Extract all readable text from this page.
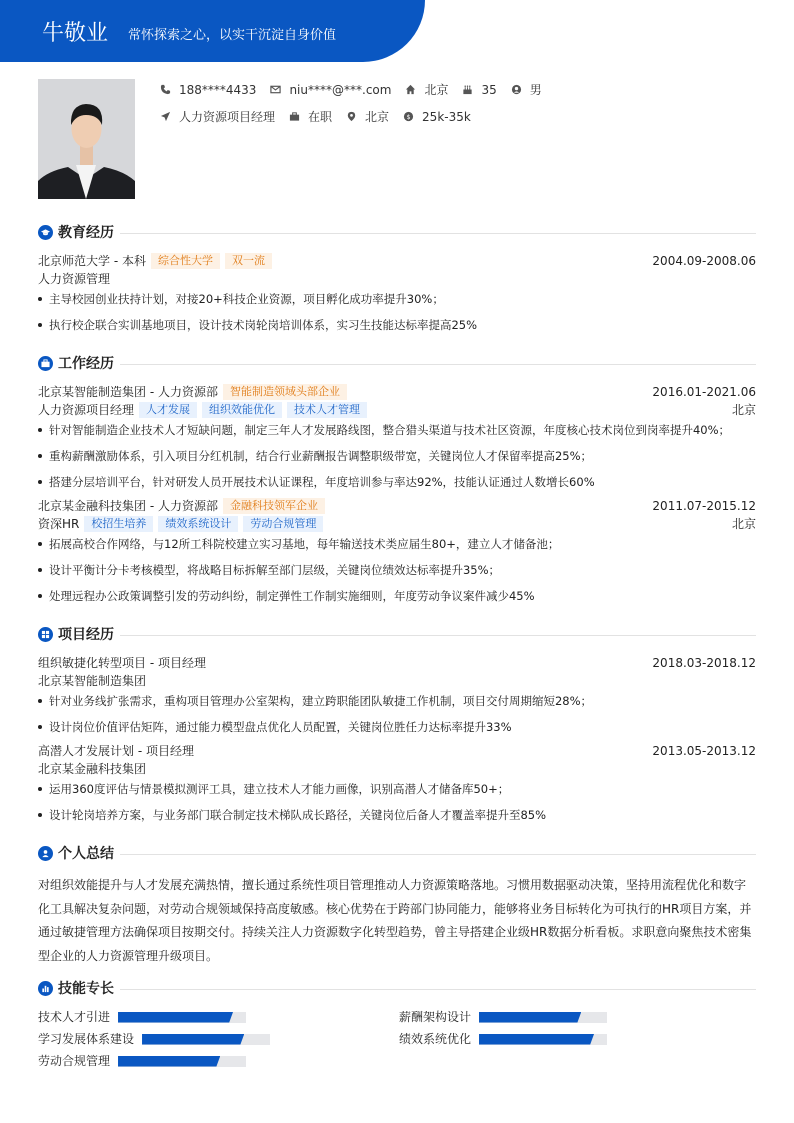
牛敬业 常怀探索之心，以实干沉淀自身价值
188****4433	niu****@***.com	北京	35	男
人力资源项目经理	在职	北京 $ 25k-35k
教育经历
北京师范大学 - 本科 综合性大学 双一流	2004.09-2008.06
人力资源管理
主导校园创业扶持计划，对接20+科技企业资源，项目孵化成功率提升30%；
执行校企联合实训基地项目，设计技术岗轮岗培训体系，实习生技能达标率提高25%
工作经历
北京某智能制造集团 - 人力资源部 智能制造领域头部企业	2016.01-2021.06
人力资源项目经理 人才发展 组织效能优化 技术人才管理	北京
针对智能制造企业技术人才短缺问题，制定三年人才发展路线图，整合猎头渠道与技术社区资源，年度核心技术岗位到岗率提升40%；
重构薪酬激励体系，引入项目分红机制，结合行业薪酬报告调整职级带宽，关键岗位人才保留率提高25%；
搭建分层培训平台，针对研发人员开展技术认证课程，年度培训参与率达92%，技能认证通过人数增长60%
北京某金融科技集团 - 人力资源部 金融科技领军企业	2011.07-2015.12
资深HR 校招生培养 绩效系统设计 劳动合规管理	北京
拓展高校合作网络，与12所工科院校建立实习基地，每年输送技术类应届生80+，建立人才储备池；
设计平衡计分卡考核模型，将战略目标拆解至部门层级，关键岗位绩效达标率提升35%；
处理远程办公政策调整引发的劳动纠纷，制定弹性工作制实施细则，年度劳动争议案件减少45%
项目经历
组织敏捷化转型项目 - 项目经理	2018.03-2018.12
北京某智能制造集团
针对业务线扩张需求，重构项目管理办公室架构，建立跨职能团队敏捷工作机制，项目交付周期缩短28%；
设计岗位价值评估矩阵，通过能力模型盘点优化人员配置，关键岗位胜任力达标率提升33%
高潜人才发展计划 - 项目经理	2013.05-2013.12
北京某金融科技集团
运用360度评估与情景模拟测评工具，建立技术人才能力画像，识别高潜人才储备库50+；
设计轮岗培养方案，与业务部门联合制定技术梯队成长路径，关键岗位后备人才覆盖率提升至85%
个人总结
对组织效能提升与人才发展充满热情，擅长通过系统性项目管理推动人力资源策略落地。习惯用数据驱动决策，坚持用流程优化和数字化工具解决复杂问题，对劳动合规领域保持高度敏感。核心优势在于跨部门协同能力，能够将业务目标转化为可执行的HR项目方案，并通过敏捷管理方法确保项目按期交付。持续关注人力资源数字化转型趋势，曾主导搭建企业级HR数据分析看板。求职意向聚焦技术密集型企业的人力资源管理升级项目。
技能专长
技术人才引进	薪酬架构设计
学习发展体系建设	绩效系统优化
劳动合规管理
